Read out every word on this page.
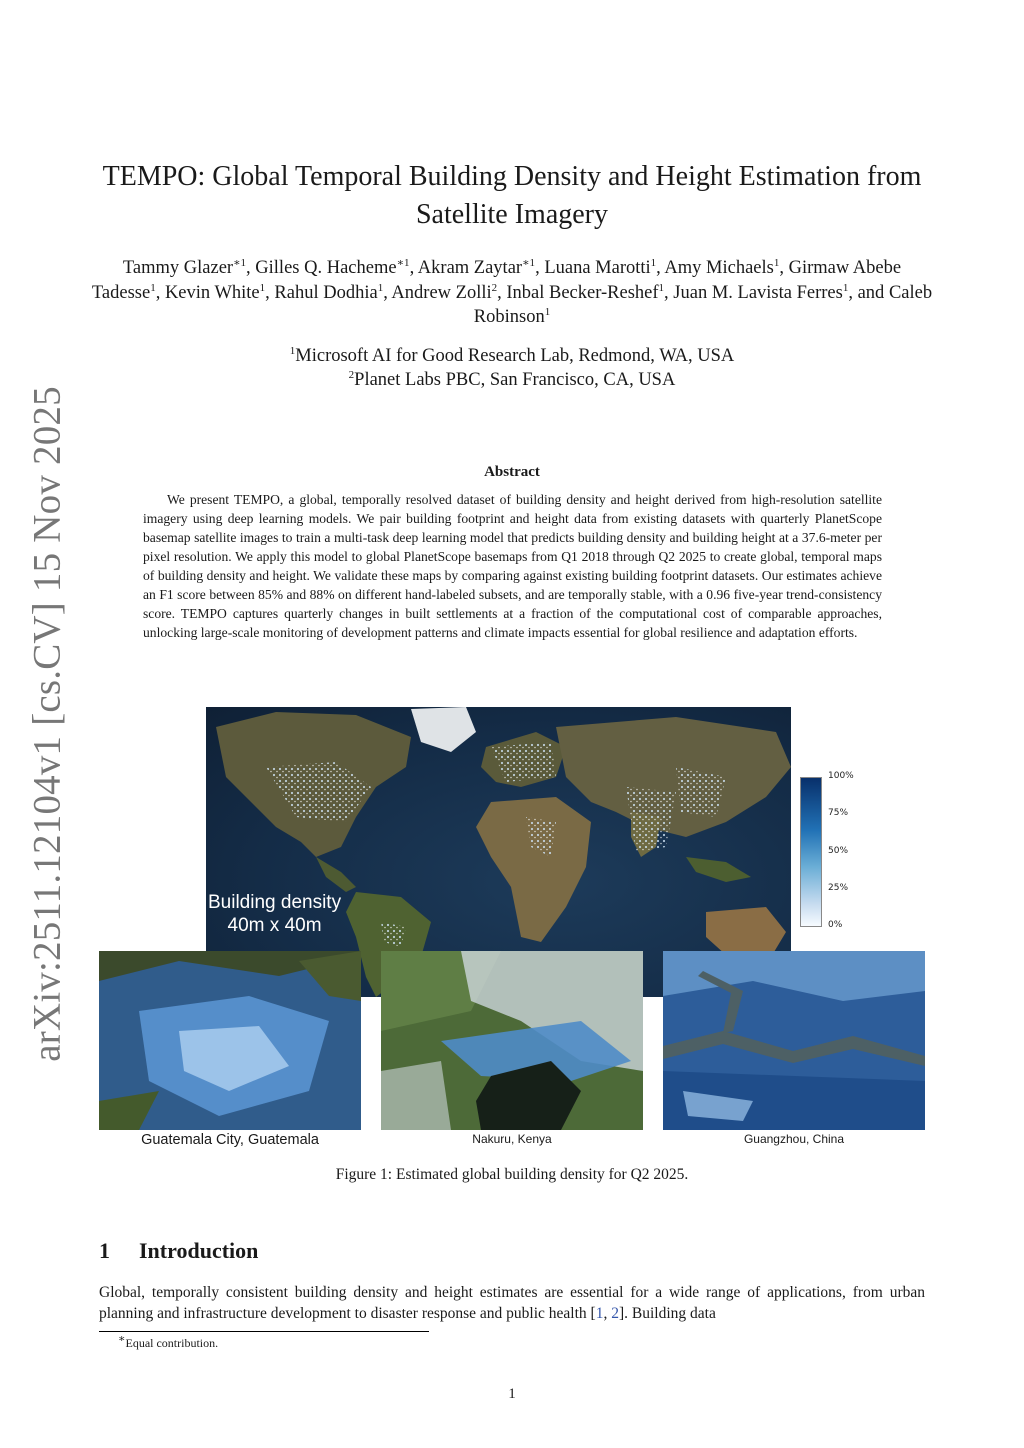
arXiv:2511.12104v1 [cs.CV] 15 Nov 2025
TEMPO: Global Temporal Building Density and Height Estimation from Satellite Imagery
Tammy Glazer$^{∗1}$, Gilles Q. Hacheme$^{∗1}$, Akram Zaytar$^{∗1}$, Luana Marotti$^1$, Amy Michaels$^1$, Girmaw Abebe Tadesse$^1$, Kevin White$^1$, Rahul Dodhia$^1$, Andrew Zolli$^2$, Inbal Becker-Reshef$^1$, Juan M. Lavista Ferres$^1$, and Caleb Robinson$^1$
$^1$Microsoft AI for Good Research Lab, Redmond, WA, USA
$^2$Planet Labs PBC, San Francisco, CA, USA
Abstract
We present TEMPO, a global, temporally resolved dataset of building density and height derived from high-resolution satellite imagery using deep learning models. We pair building footprint and height data from existing datasets with quarterly PlanetScope basemap satellite images to train a multi-task deep learning model that predicts building density and building height at a 37.6-meter per pixel resolution. We apply this model to global PlanetScope basemaps from Q1 2018 through Q2 2025 to create global, temporal maps of building density and height. We validate these maps by comparing against existing building footprint datasets. Our estimates achieve an F1 score between 85% and 88% on different hand-labeled subsets, and are temporally stable, with a 0.96 five-year trend-consistency score. TEMPO captures quarterly changes in built settlements at a fraction of the computational cost of comparable approaches, unlocking large-scale monitoring of development patterns and climate impacts essential for global resilience and adaptation efforts.
Building density
40m x 40m
100%
75%
50%
25%
0%
Guatemala City, Guatemala	Nakuru, Kenya	Guangzhou, China
Figure 1: Estimated global building density for Q2 2025.
1 Introduction
Global, temporally consistent building density and height estimates are essential for a wide range of applications, from urban planning and infrastructure development to disaster response and public health [1, 2]. Building data
∗Equal contribution.
1
